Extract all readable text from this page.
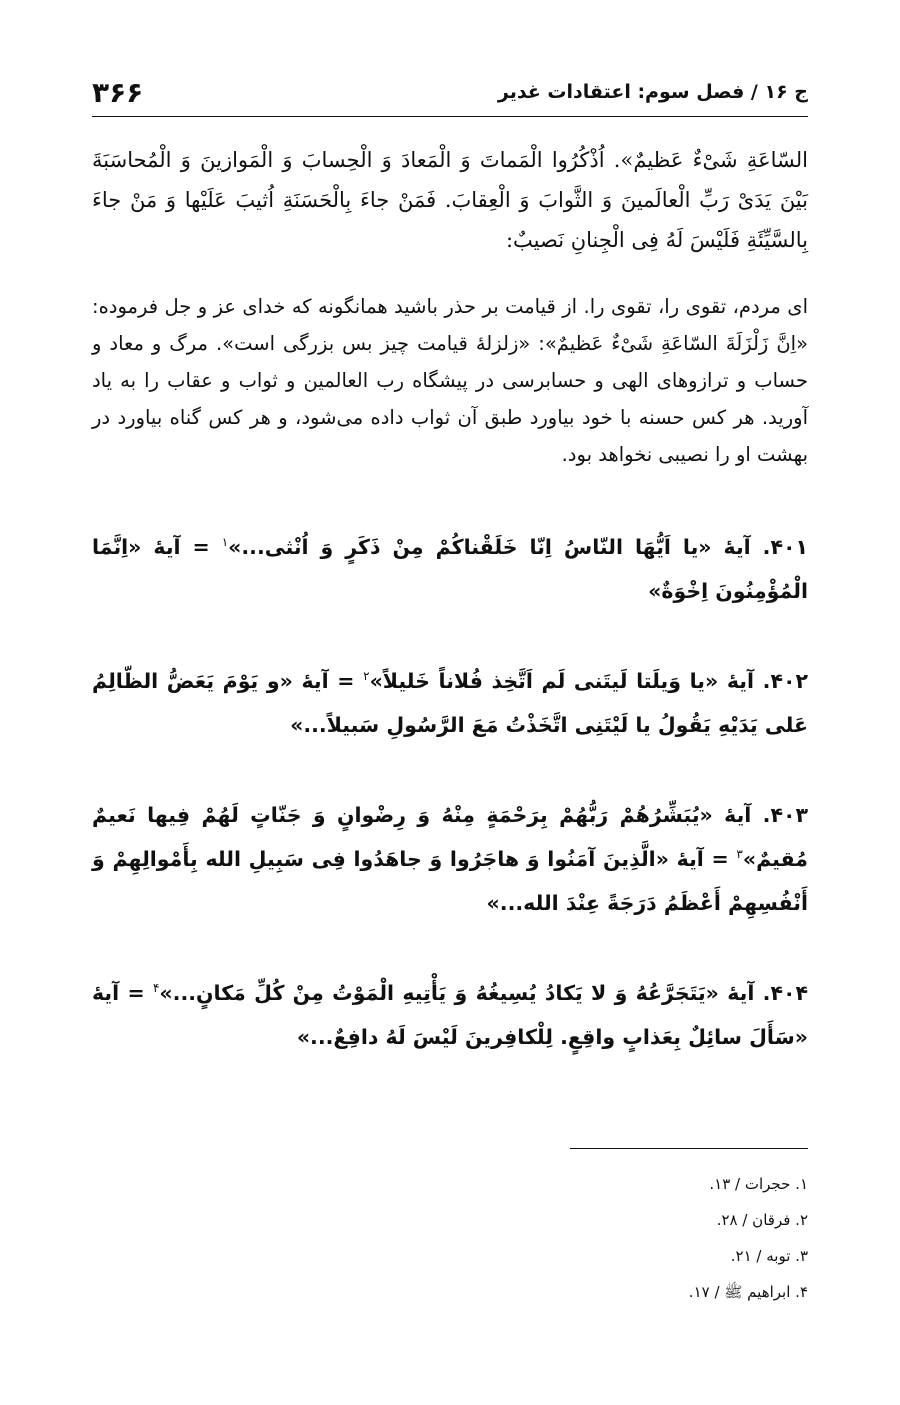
ج ۱۶ / فصل سوم: اعتقادات غدیر
۳۶۶

السّاعَةِ شَیْءٌ عَظیمٌ». اُذْکُرُوا الْمَماتَ وَ الْمَعادَ وَ الْحِسابَ وَ الْمَوازینَ وَ الْمُحاسَبَةَ بَیْنَ یَدَیْ رَبِّ الْعالَمینَ وَ الثَّوابَ وَ الْعِقابَ. فَمَنْ جاءَ بِالْحَسَنَةِ اُثیبَ عَلَیْها وَ مَنْ جاءَ بِالسَّیِّئَةِ فَلَیْسَ لَهُ فِی الْجِنانِ نَصیبٌ:

ای مردم، تقوی را، تقوی را. از قیامت بر حذر باشید همانگونه که خدای عز و جل فرموده: «اِنَّ زَلْزَلَةَ السّاعَةِ شَیْءٌ عَظیمٌ»: «زلزلهٔ قیامت چیز بس بزرگی است». مرگ و معاد و حساب و ترازوهای الهی و حسابرسی در پیشگاه رب العالمین و ثواب و عقاب را به یاد آورید. هر کس حسنه با خود بیاورد طبق آن ثواب داده می‌شود، و هر کس گناه بیاورد در بهشت او را نصیبی نخواهد بود.

۴۰۱. آیهٔ «یا اَیُّهَا النّاسُ اِنّا خَلَقْناکُمْ مِنْ ذَکَرٍ وَ اُنْثی...»$^۱$ = آیهٔ «اِنَّمَا الْمُؤْمِنُونَ اِخْوَةٌ»

۴۰۲. آیهٔ «یا وَیلَتا لَیتَنی لَم اَتَّخِذ فُلاناً خَلیلاً»$^۲$ = آیهٔ «و یَوْمَ یَعَضُّ الظّالِمُ عَلی یَدَیْهِ یَقُولُ یا لَیْتَنِی اتَّخَذْتُ مَعَ الرَّسُولِ سَبیلاً...»

۴۰۳. آیهٔ «یُبَشِّرُهُمْ رَبُّهُمْ بِرَحْمَةٍ مِنْهُ وَ رِضْوانٍ وَ جَنّاتٍ لَهُمْ فِیها نَعیمٌ مُقیمٌ»$^۳$ = آیهٔ «الَّذِینَ آمَنُوا وَ هاجَرُوا وَ جاهَدُوا فِی سَبِیلِ الله بِأَمْوالِهِمْ وَ أَنْفُسِهِمْ أَعْظَمُ دَرَجَةً عِنْدَ الله...»

۴۰۴. آیهٔ «یَتَجَرَّعُهُ وَ لا یَکادُ یُسِیغُهُ وَ یَأْتِیهِ الْمَوْتُ مِنْ کُلِّ مَکانٍ...»$^۴$ = آیهٔ «سَأَلَ سائِلٌ بِعَذابٍ واقِعٍ. لِلْکافِرینَ لَیْسَ لَهُ دافِعٌ...»

۱. حجرات / ۱۳.
۲. فرقان / ۲۸.
۳. توبه / ۲۱.
۴. ابراهیم ﷺ / ۱۷.
